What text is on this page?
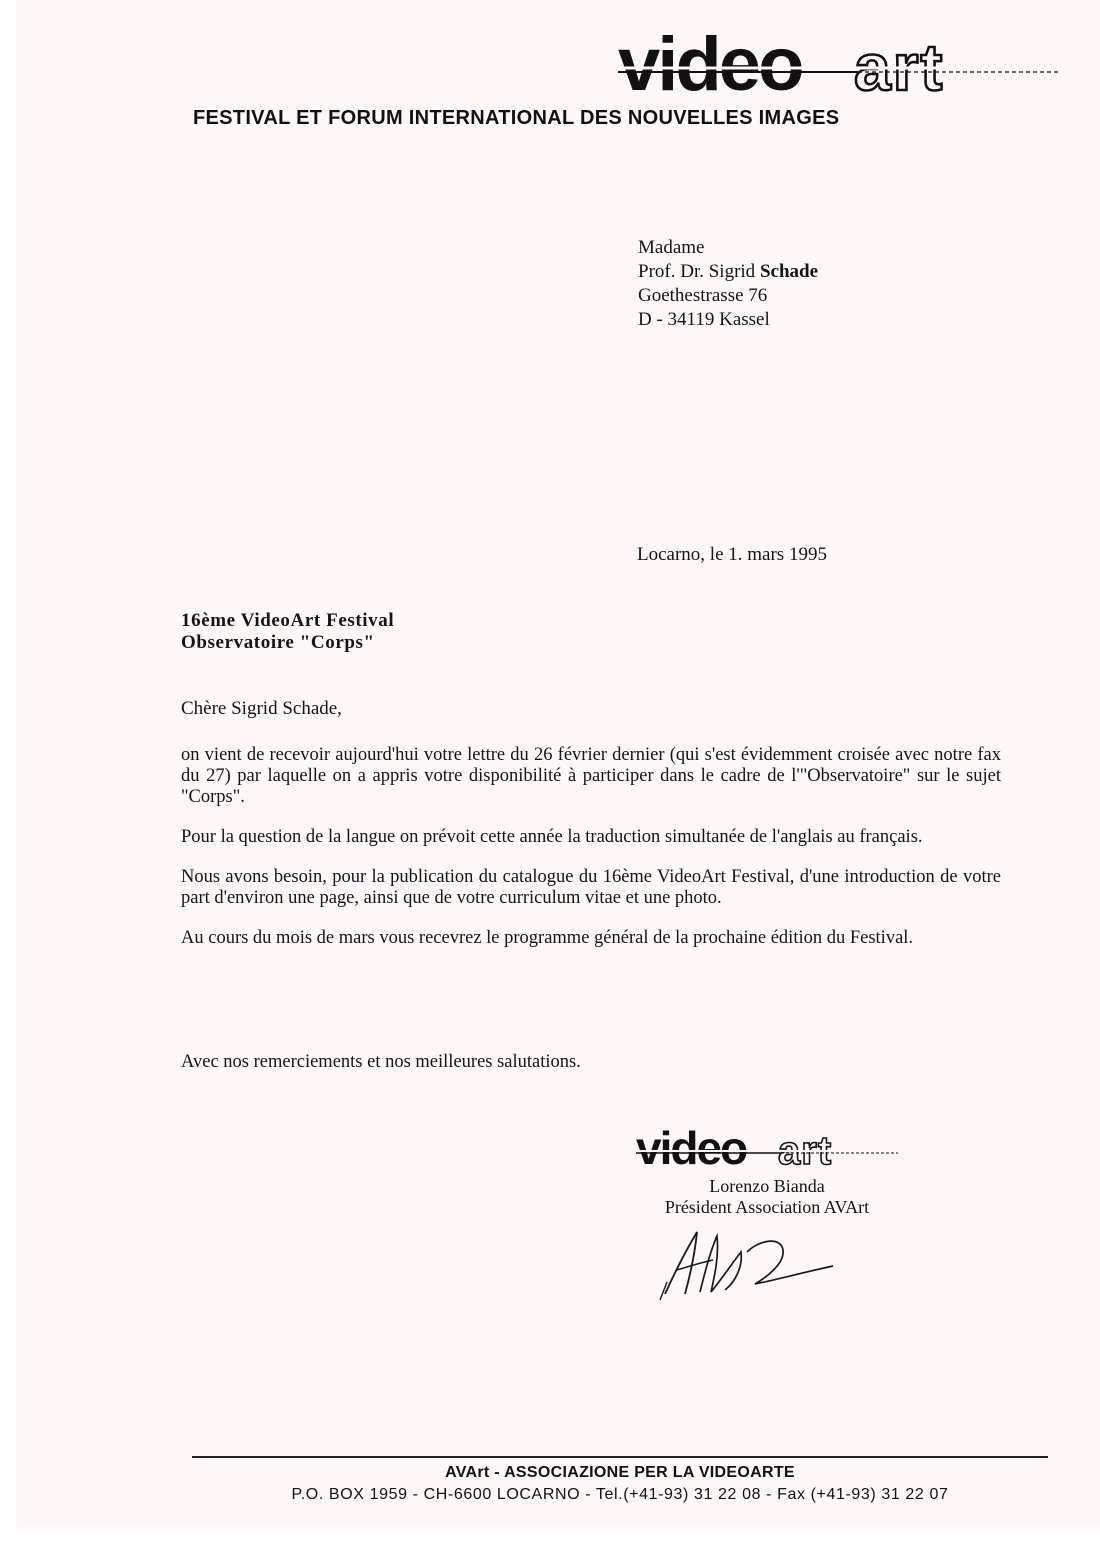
video art
FESTIVAL ET FORUM INTERNATIONAL DES NOUVELLES IMAGES
Madame
Prof. Dr. Sigrid Schade
Goethestrasse 76
D - 34119 Kassel
Locarno, le 1. mars 1995
16ème VideoArt Festival
Observatoire "Corps"
Chère Sigrid Schade,

on vient de recevoir aujourd'hui votre lettre du 26 février dernier (qui s'est évidemment croisée avec notre fax du 27) par laquelle on a appris votre disponibilité à participer dans le cadre de l'"Observatoire" sur le sujet "Corps".

Pour la question de la langue on prévoit cette année la traduction simultanée de l'anglais au français.

Nous avons besoin, pour la publication du catalogue du 16ème VideoArt Festival, d'une introduction de votre part d'environ une page, ainsi que de votre curriculum vitae et une photo.

Au cours du mois de mars vous recevrez le programme général de la prochaine édition du Festival.

Avec nos remerciements et nos meilleures salutations.
video art
Lorenzo Bianda
Président Association AVArt
AVArt - ASSOCIAZIONE PER LA VIDEOARTE
P.O. BOX 1959 - CH-6600 LOCARNO - Tel.(+41-93) 31 22 08 - Fax (+41-93) 31 22 07
